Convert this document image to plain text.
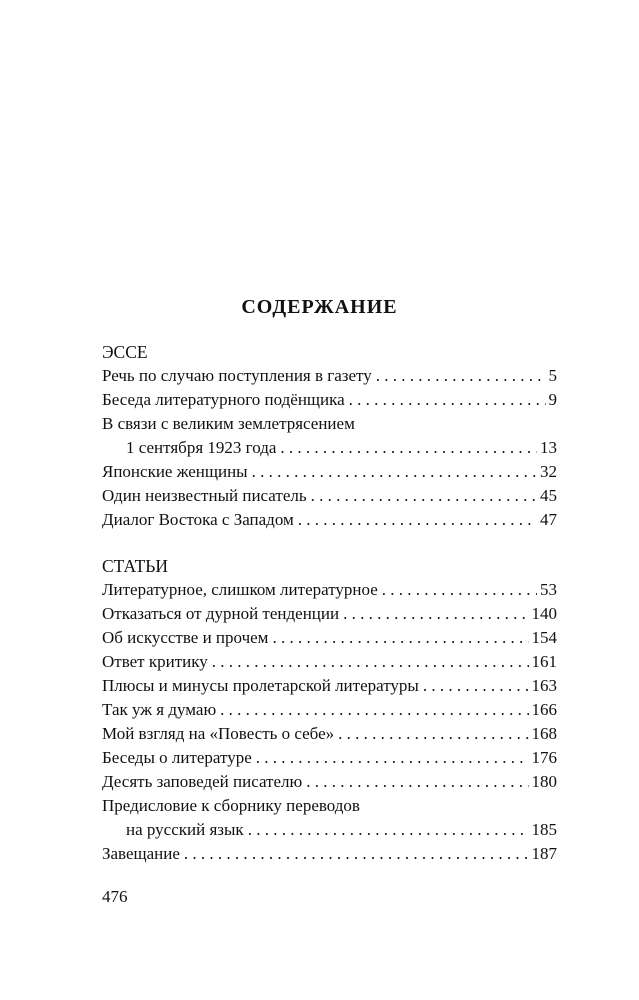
СОДЕРЖАНИЕ
ЭССЕ
Речь по случаю поступления в газету . . .	5
Беседа литературного подёнщика . . .	9
В связи с великим землетрясением
1 сентября 1923 года . . .	13
Японские женщины . . .	32
Один неизвестный писатель . . .	45
Диалог Востока с Западом . . .	47
СТАТЬИ
Литературное, слишком литературное . . .	53
Отказаться от дурной тенденции . . .	140
Об искусстве и прочем . . .	154
Ответ критику . . .	161
Плюсы и минусы пролетарской литературы . . .	163
Так уж я думаю . . .	166
Мой взгляд на «Повесть о себе» . . .	168
Беседы о литературе . . .	176
Десять заповедей писателю . . .	180
Предисловие к сборнику переводов
на русский язык . . .	185
Завещание . . .	187
476
